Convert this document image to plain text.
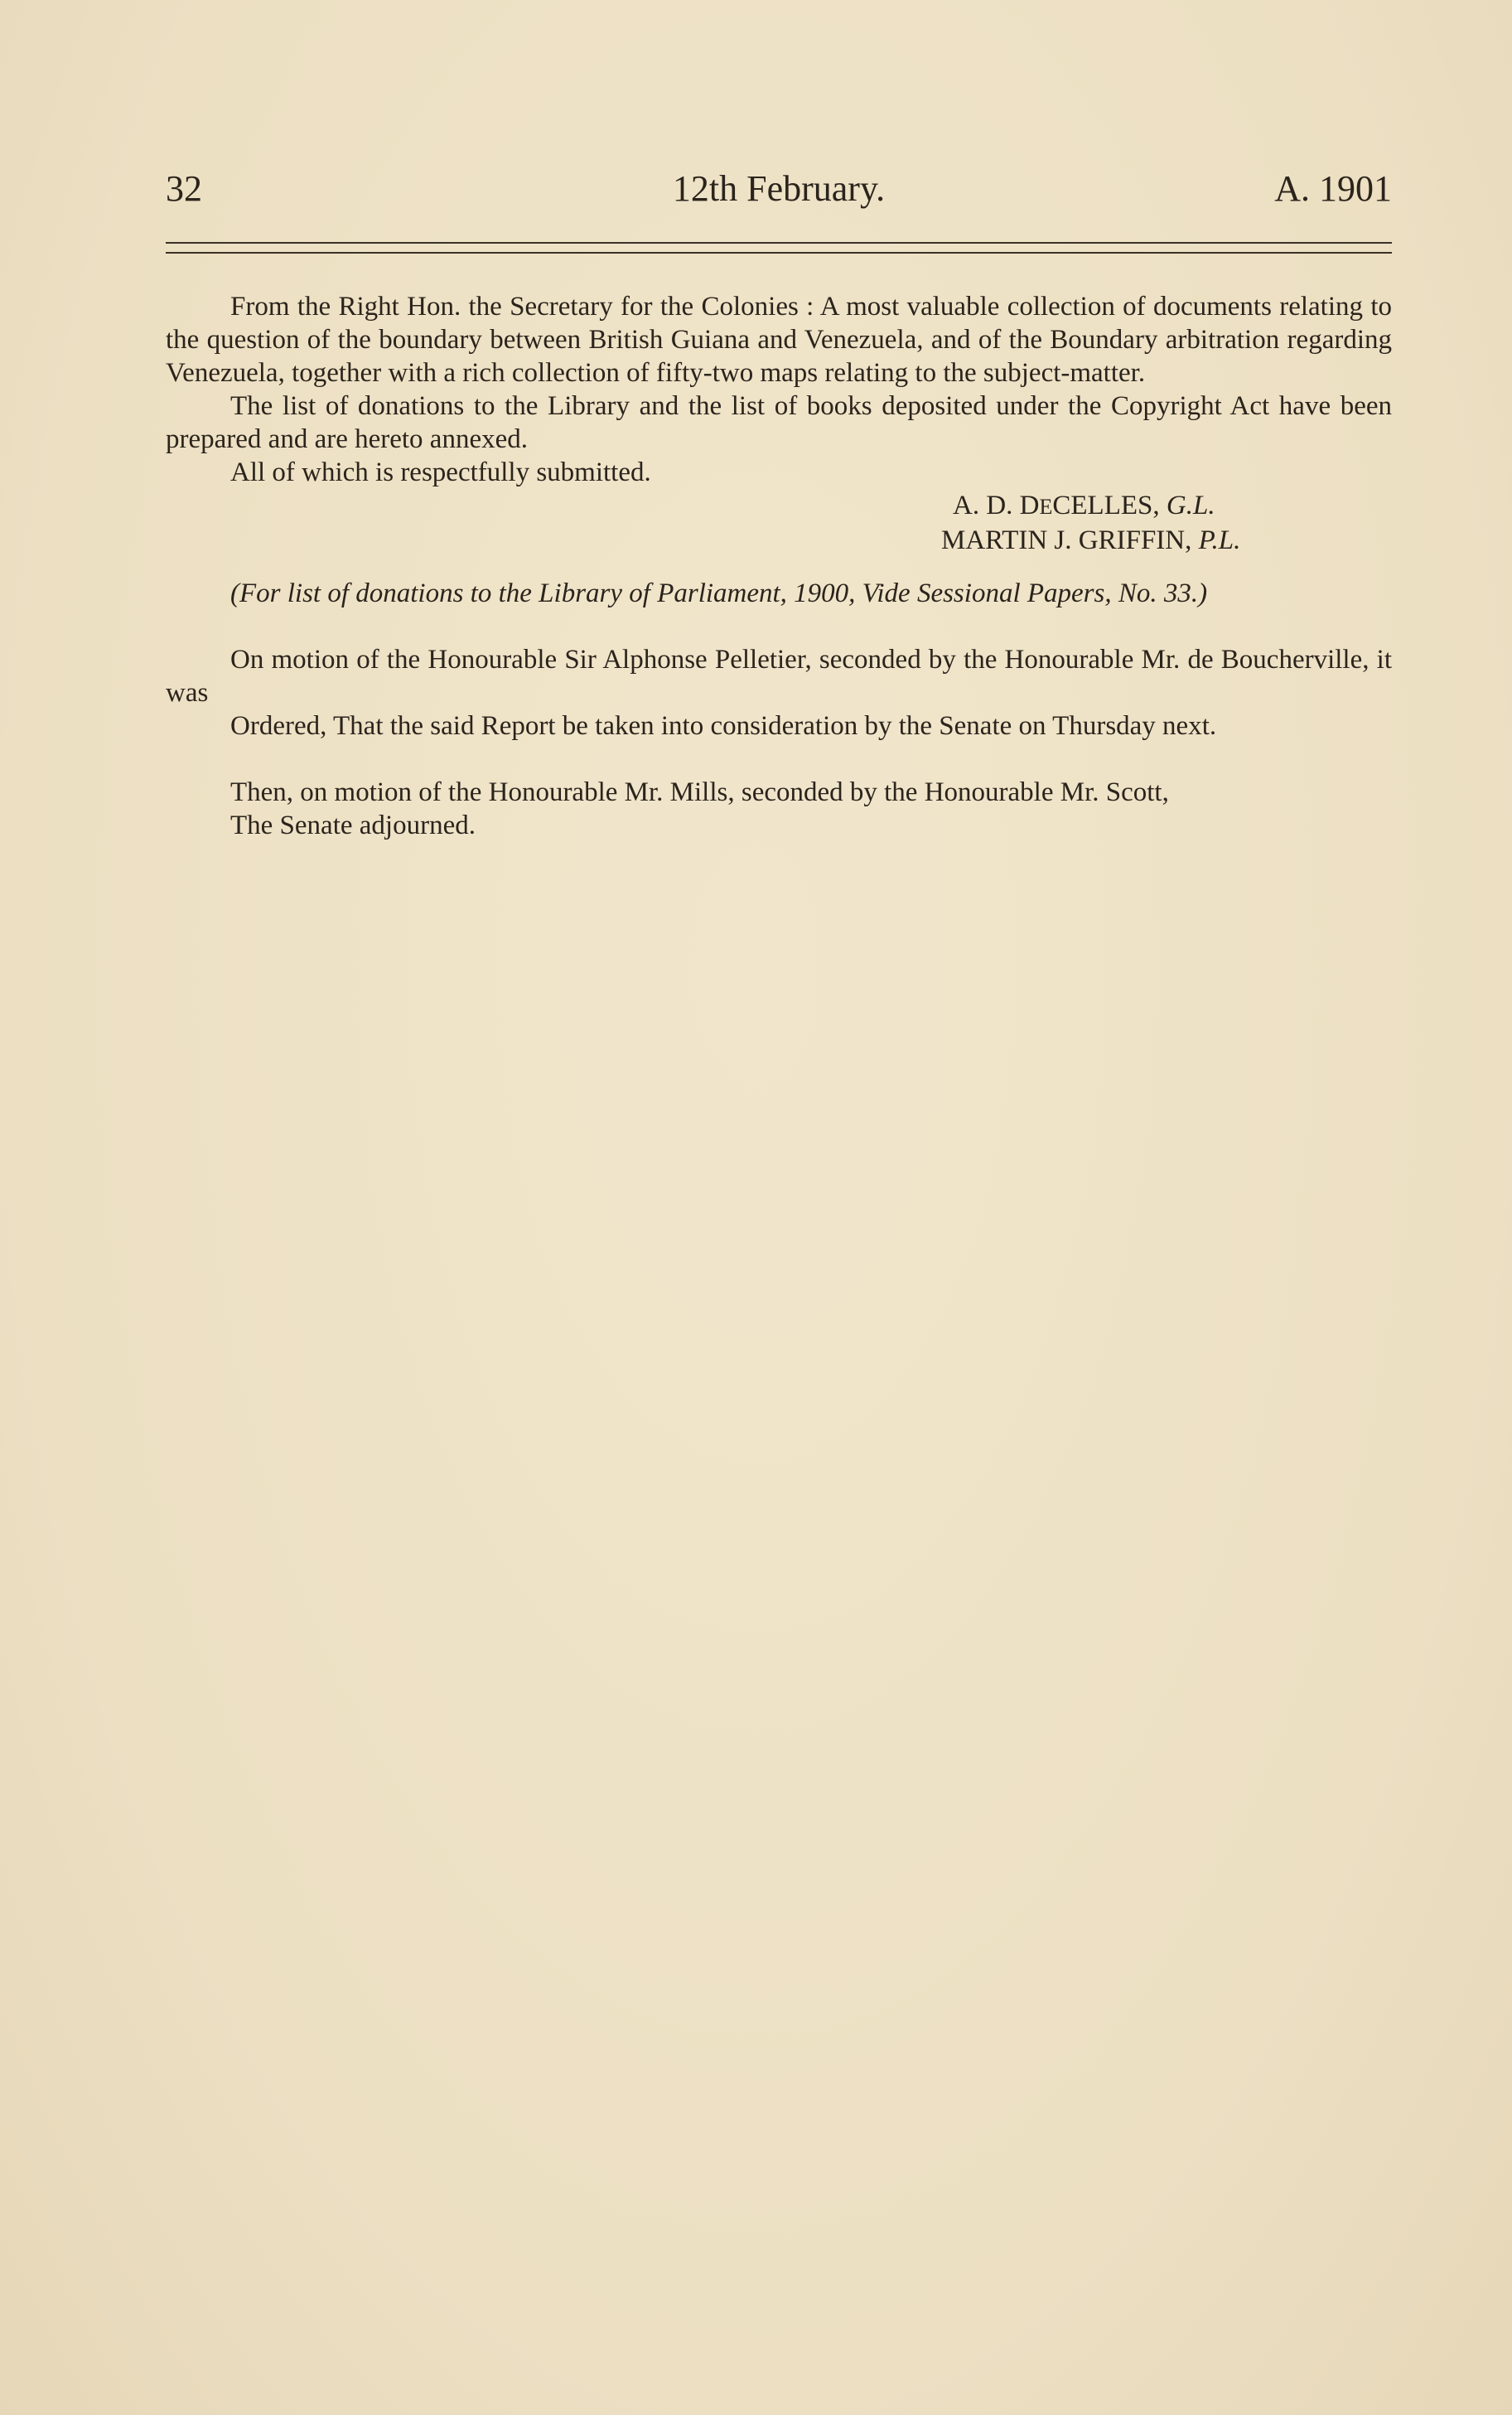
32	12th February.	A. 1901

From the Right Hon. the Secretary for the Colonies : A most valuable collection of documents relating to the question of the boundary between British Guiana and Venezuela, and of the Boundary arbitration regarding Venezuela, together with a rich collection of fifty-two maps relating to the subject-matter.

The list of donations to the Library and the list of books deposited under the Copyright Act have been prepared and are hereto annexed.

All of which is respectfully submitted.

A. D. DECELLES, G.L.
MARTIN J. GRIFFIN, P.L.

(For list of donations to the Library of Parliament, 1900, Vide Sessional Papers, No. 33.)

On motion of the Honourable Sir Alphonse Pelletier, seconded by the Honourable Mr. de Boucherville, it was

Ordered, That the said Report be taken into consideration by the Senate on Thursday next.

Then, on motion of the Honourable Mr. Mills, seconded by the Honourable Mr. Scott,

The Senate adjourned.
